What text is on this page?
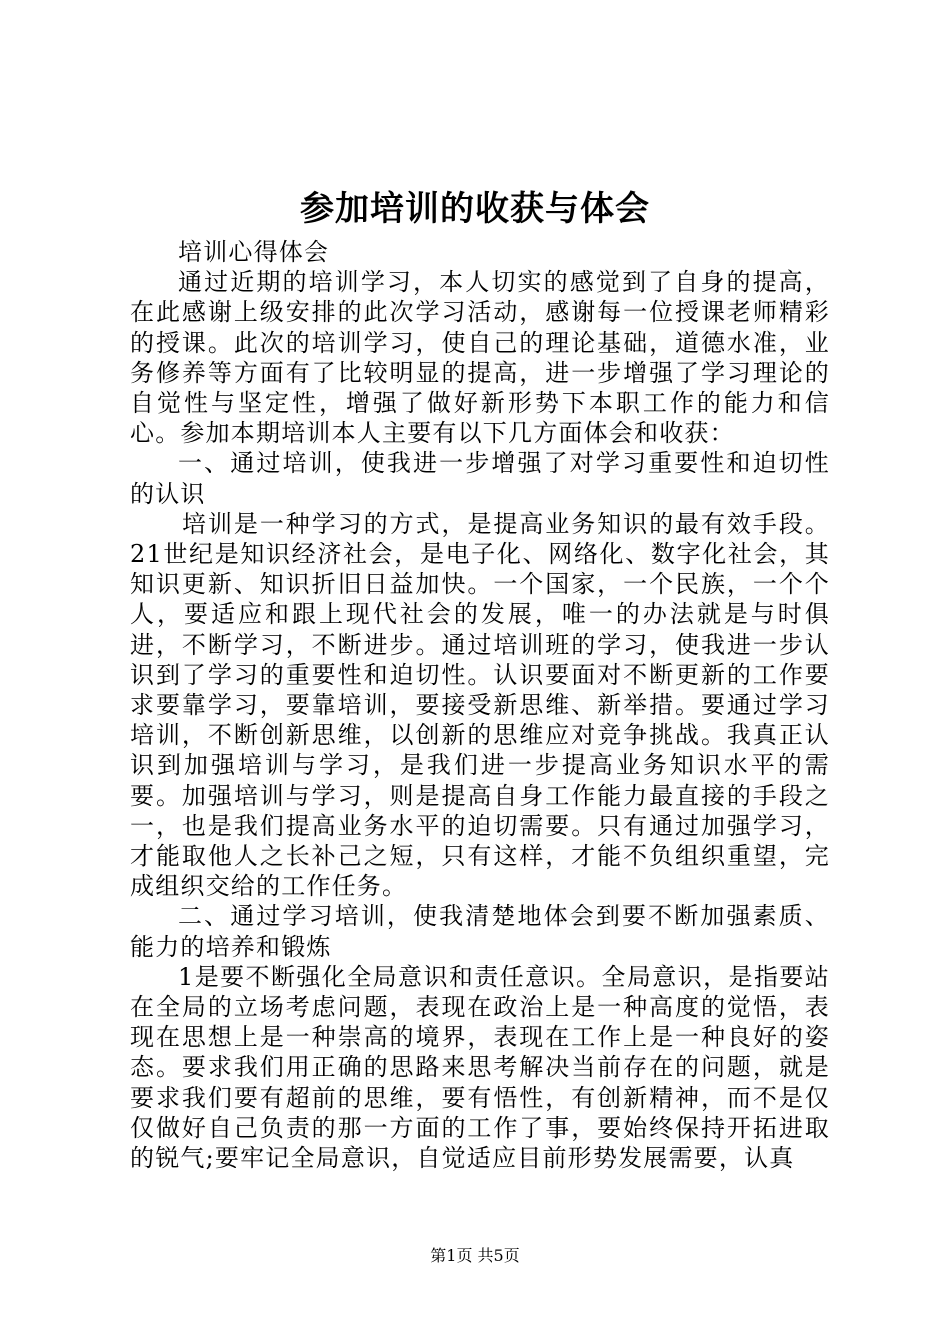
参加培训的收获与体会

培训心得体会

通过近期的培训学习，本人切实的感觉到了自身的提高，在此感谢上级安排的此次学习活动，感谢每一位授课老师精彩的授课。此次的培训学习，使自己的理论基础，道德水准，业务修养等方面有了比较明显的提高，进一步增强了学习理论的自觉性与坚定性，增强了做好新形势下本职工作的能力和信心。参加本期培训本人主要有以下几方面体会和收获：

一、通过培训，使我进一步增强了对学习重要性和迫切性的认识

培训是一种学习的方式，是提高业务知识的最有效手段。21世纪是知识经济社会，是电子化、网络化、数字化社会，其知识更新、知识折旧日益加快。一个国家，一个民族，一个个人，要适应和跟上现代社会的发展，唯一的办法就是与时俱进，不断学习，不断进步。通过培训班的学习，使我进一步认识到了学习的重要性和迫切性。认识要面对不断更新的工作要求要靠学习，要靠培训，要接受新思维、新举措。要通过学习培训，不断创新思维，以创新的思维应对竞争挑战。我真正认识到加强培训与学习，是我们进一步提高业务知识水平的需要。加强培训与学习，则是提高自身工作能力最直接的手段之一，也是我们提高业务水平的迫切需要。只有通过加强学习，才能取他人之长补己之短，只有这样，才能不负组织重望，完成组织交给的工作任务。

二、通过学习培训，使我清楚地体会到要不断加强素质、能力的培养和锻炼

1是要不断强化全局意识和责任意识。全局意识，是指要站在全局的立场考虑问题，表现在政治上是一种高度的觉悟，表现在思想上是一种崇高的境界，表现在工作上是一种良好的姿态。要求我们用正确的思路来思考解决当前存在的问题，就是要求我们要有超前的思维，要有悟性，有创新精神，而不是仅仅做好自己负责的那一方面的工作了事，要始终保持开拓进取的锐气;要牢记全局意识，自觉适应目前形势发展需要，认真

第1页 共5页
